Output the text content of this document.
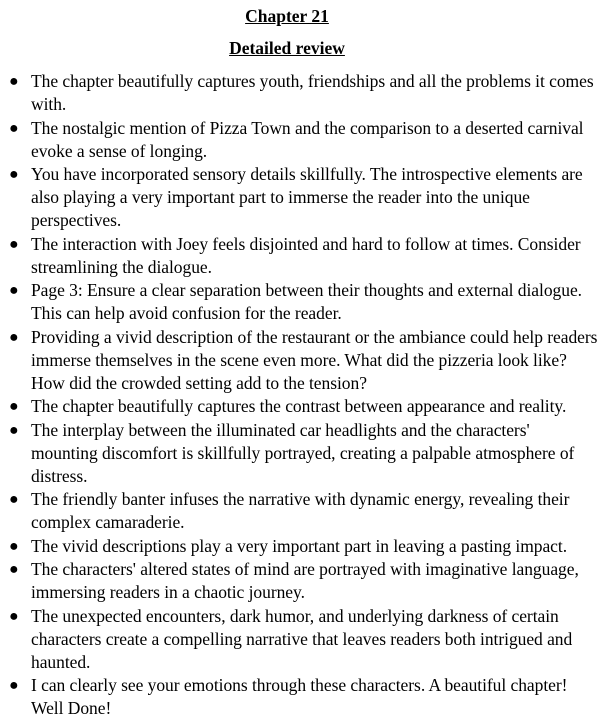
Chapter 21
Detailed review
● The chapter beautifully captures youth, friendships and all the problems it comes with.
● The nostalgic mention of Pizza Town and the comparison to a deserted carnival evoke a sense of longing.
● You have incorporated sensory details skillfully. The introspective elements are also playing a very important part to immerse the reader into the unique perspectives.
● The interaction with Joey feels disjointed and hard to follow at times. Consider streamlining the dialogue.
● Page 3: Ensure a clear separation between their thoughts and external dialogue. This can help avoid confusion for the reader.
● Providing a vivid description of the restaurant or the ambiance could help readers immerse themselves in the scene even more. What did the pizzeria look like? How did the crowded setting add to the tension?
● The chapter beautifully captures the contrast between appearance and reality.
● The interplay between the illuminated car headlights and the characters' mounting discomfort is skillfully portrayed, creating a palpable atmosphere of distress.
● The friendly banter infuses the narrative with dynamic energy, revealing their complex camaraderie.
● The vivid descriptions play a very important part in leaving a pasting impact.
● The characters' altered states of mind are portrayed with imaginative language, immersing readers in a chaotic journey.
● The unexpected encounters, dark humor, and underlying darkness of certain characters create a compelling narrative that leaves readers both intrigued and haunted.
● I can clearly see your emotions through these characters. A beautiful chapter! Well Done!
